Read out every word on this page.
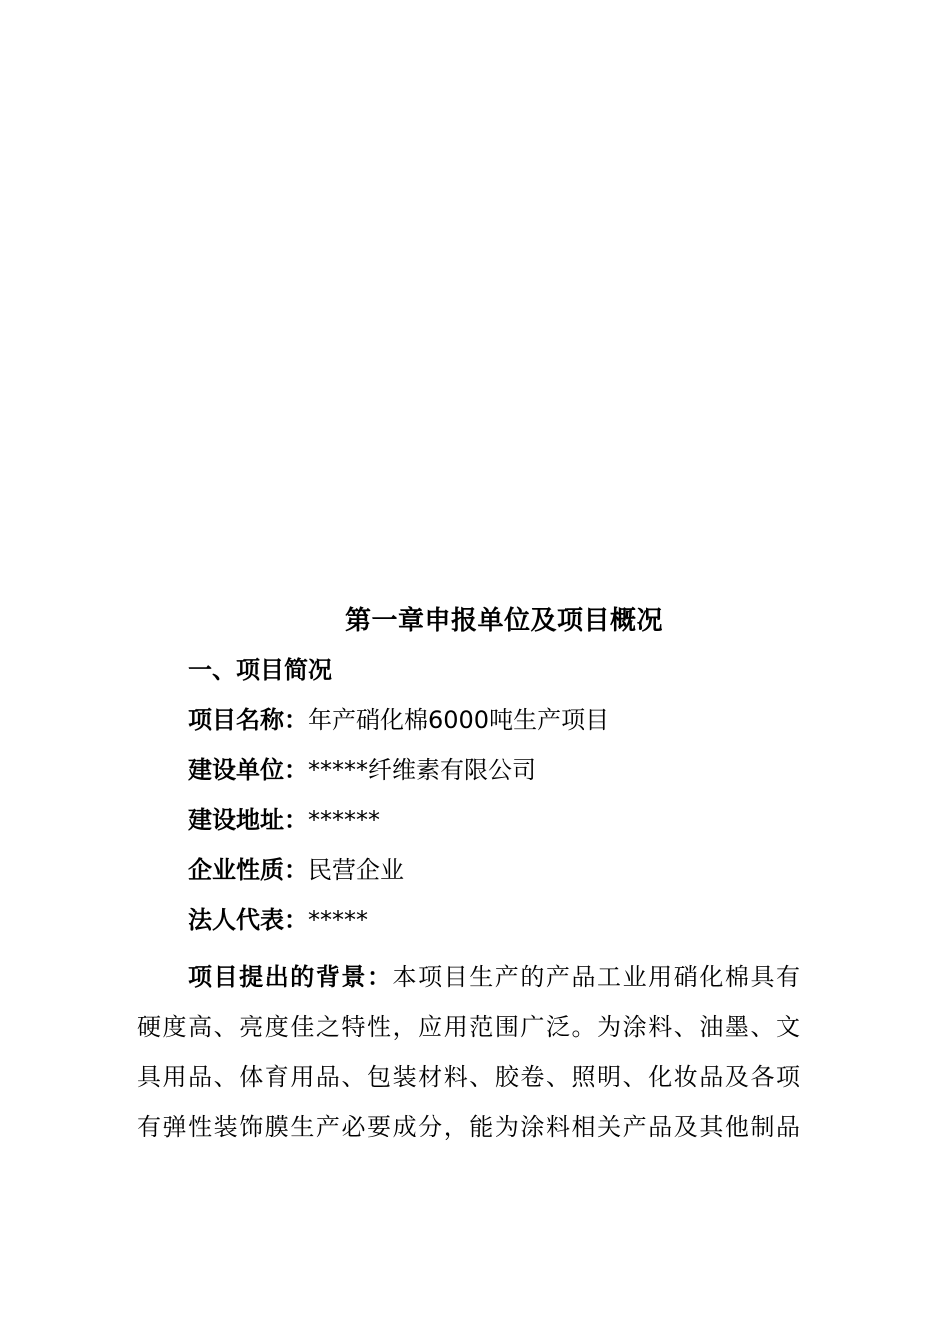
第一章申报单位及项目概况
一、项目简况
项目名称：年产硝化棉6000吨生产项目
建设单位：*****纤维素有限公司
建设地址：******
企业性质：民营企业
法人代表：*****

项目提出的背景：本项目生产的产品工业用硝化棉具有

硬度高、亮度佳之特性，应用范围广泛。为涂料、油墨、文

具用品、体育用品、包装材料、胶卷、照明、化妆品及各项

有弹性装饰膜生产必要成分，能为涂料相关产品及其他制品
